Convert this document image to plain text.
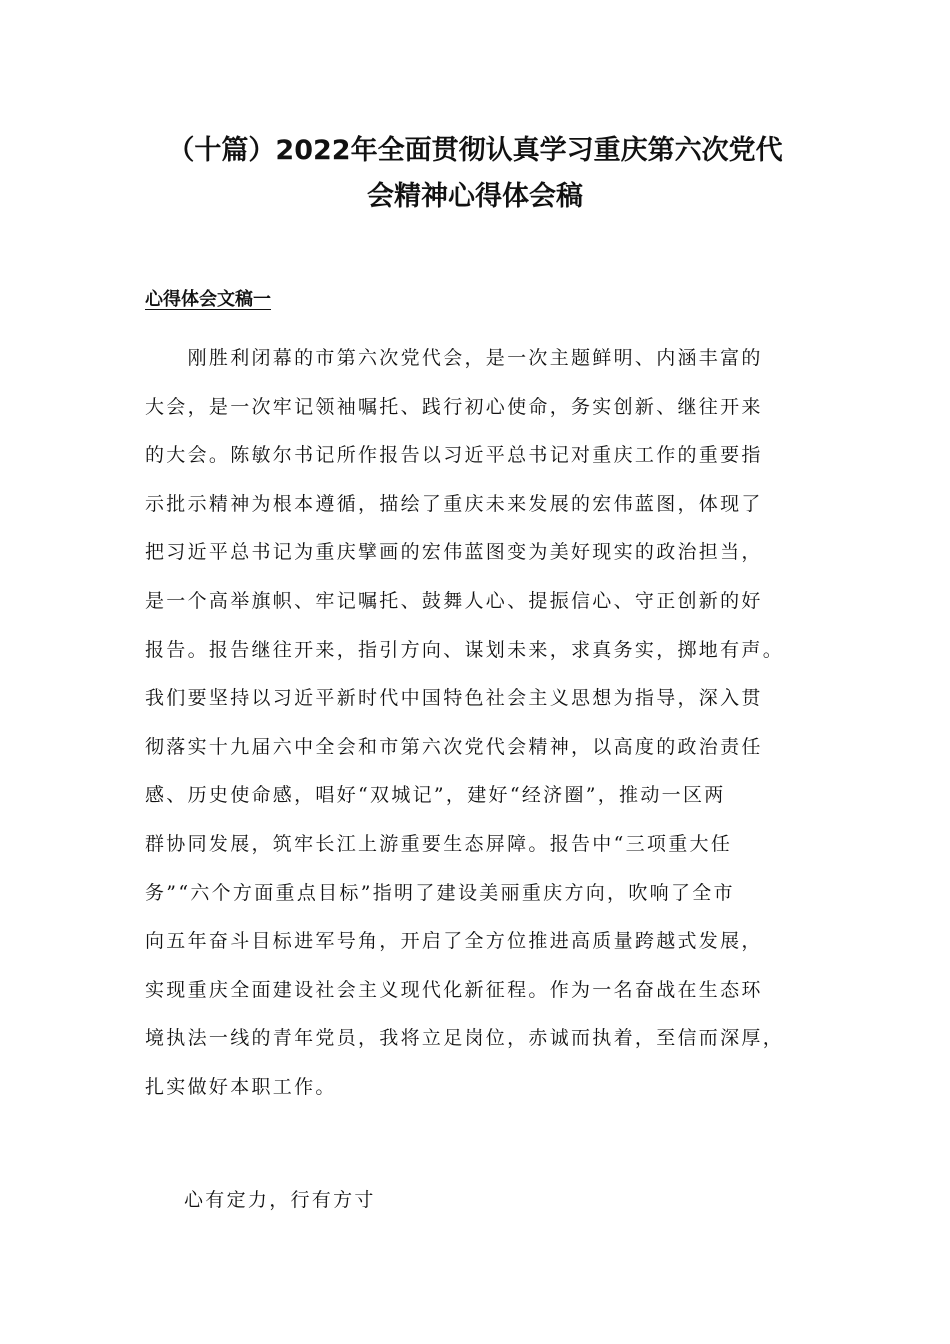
（十篇）2022年全面贯彻认真学习重庆第六次党代
会精神心得体会稿
心得体会文稿一
　　刚胜利闭幕的市第六次党代会，是一次主题鲜明、内涵丰富的
大会，是一次牢记领袖嘱托、践行初心使命，务实创新、继往开来
的大会。陈敏尔书记所作报告以习近平总书记对重庆工作的重要指
示批示精神为根本遵循，描绘了重庆未来发展的宏伟蓝图，体现了
把习近平总书记为重庆擘画的宏伟蓝图变为美好现实的政治担当，
是一个高举旗帜、牢记嘱托、鼓舞人心、提振信心、守正创新的好
报告。报告继往开来，指引方向、谋划未来，求真务实，掷地有声。
我们要坚持以习近平新时代中国特色社会主义思想为指导，深入贯
彻落实十九届六中全会和市第六次党代会精神，以高度的政治责任
感、历史使命感，唱好“双城记”，建好“经济圈”，推动一区两
群协同发展，筑牢长江上游重要生态屏障。报告中“三项重大任
务”“六个方面重点目标”指明了建设美丽重庆方向，吹响了全市
向五年奋斗目标进军号角，开启了全方位推进高质量跨越式发展，
实现重庆全面建设社会主义现代化新征程。作为一名奋战在生态环
境执法一线的青年党员，我将立足岗位，赤诚而执着，至信而深厚，
扎实做好本职工作。
心有定力，行有方寸
